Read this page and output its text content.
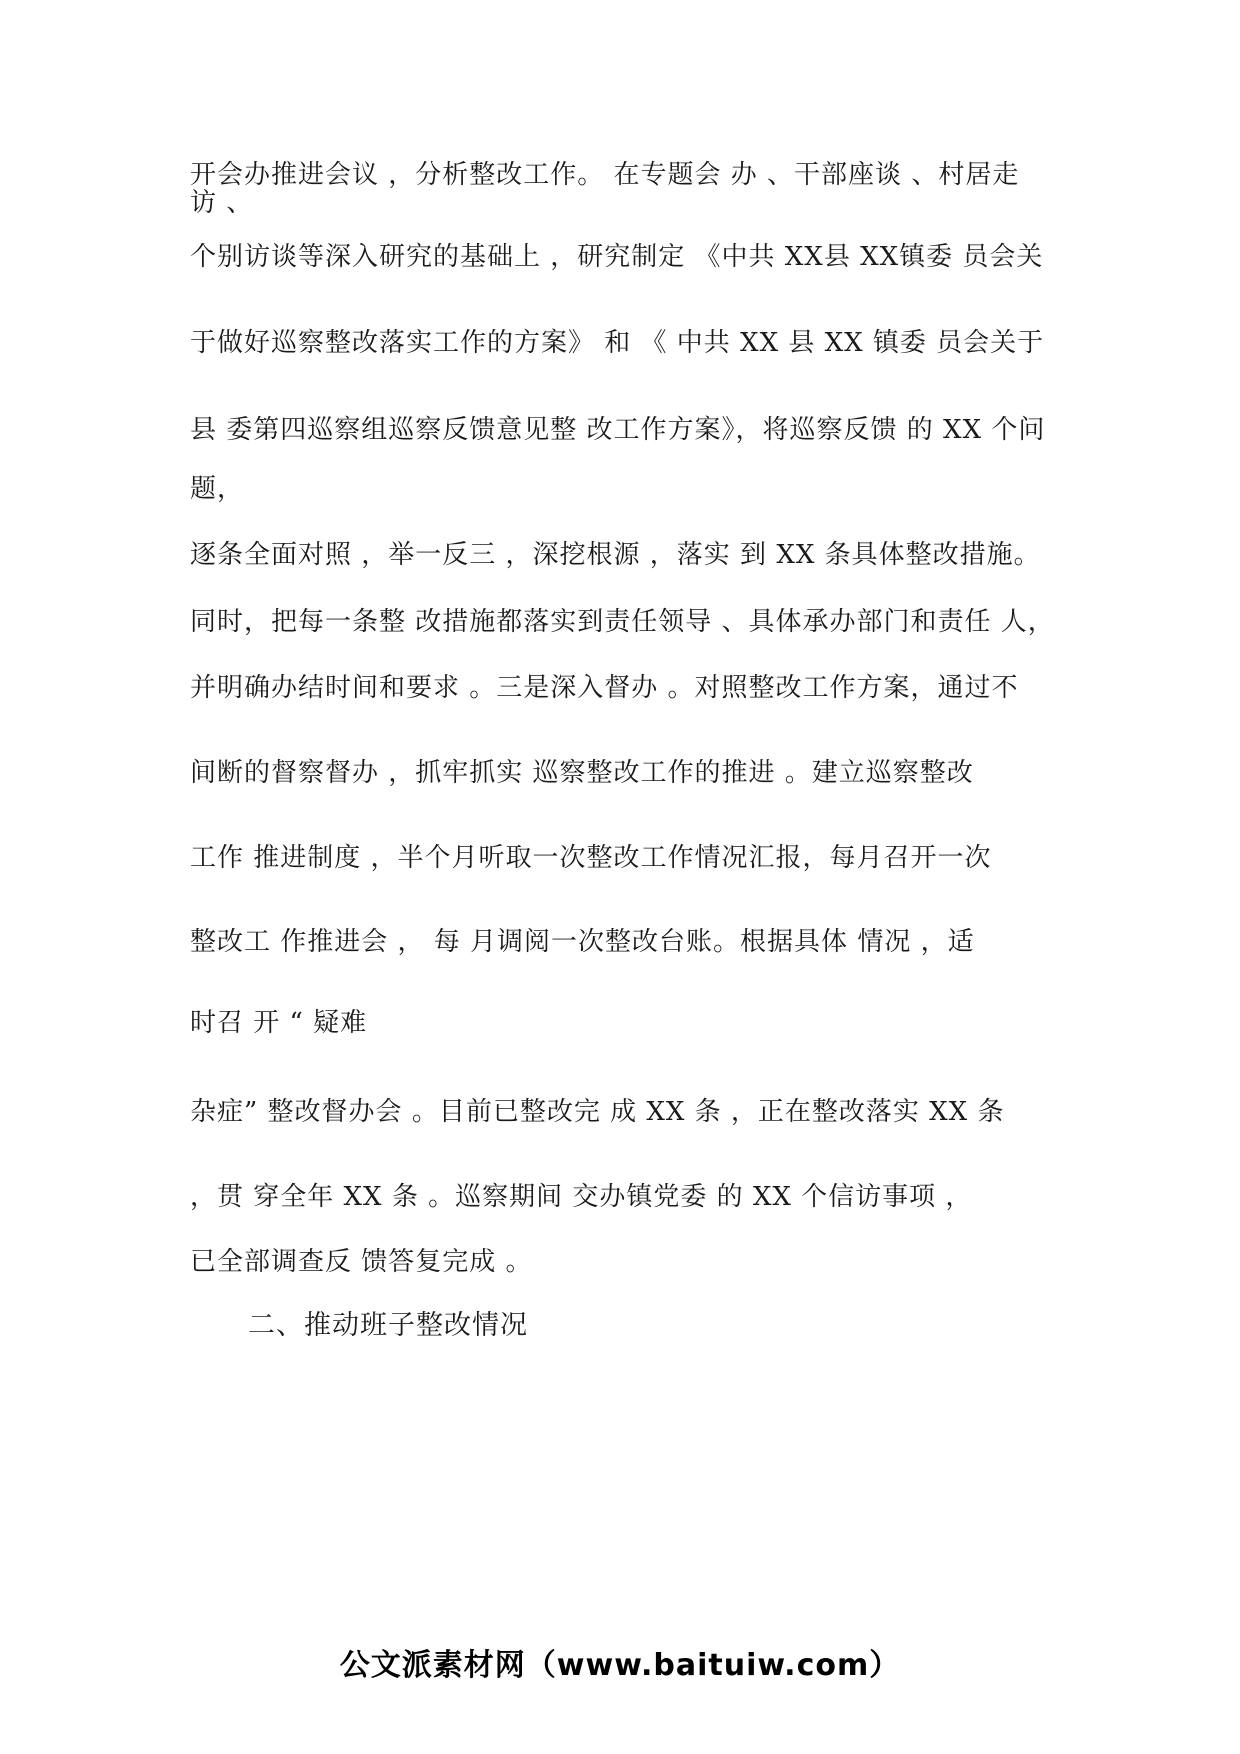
开会办推进会议 ，分析整改工作。 在专题会 办 、干部座谈 、村居走
访 、
个别访谈等深入研究的基础上 ，研究制定 《中共 XX县 XX镇委 员会关
于做好巡察整改落实工作的方案》 和 《 中共 XX 县 XX 镇委 员会关于
县 委第四巡察组巡察反馈意见整 改工作方案》，将巡察反馈 的 XX 个问
题，
逐条全面对照 ，举一反三 ，深挖根源 ，落实 到 XX 条具体整改措施。
同时，把每一条整 改措施都落实到责任领导 、具体承办部门和责任 人，
并明确办结时间和要求 。三是深入督办 。对照整改工作方案，通过不
间断的督察督办 ，抓牢抓实 巡察整改工作的推进 。建立巡察整改
工作 推进制度 ，半个月听取一次整改工作情况汇报，每月召开一次
整改工 作推进会 ， 每 月调阅一次整改台账。根据具体 情况 ，适
时召 开 “ 疑难
杂症” 整改督办会 。目前已整改完 成 XX 条 ，正在整改落实 XX 条
，贯 穿全年 XX 条 。巡察期间 交办镇党委 的 XX 个信访事项 ，
已全部调查反 馈答复完成 。
二、推动班子整改情况
公文派素材网（www.baituiw.com）
